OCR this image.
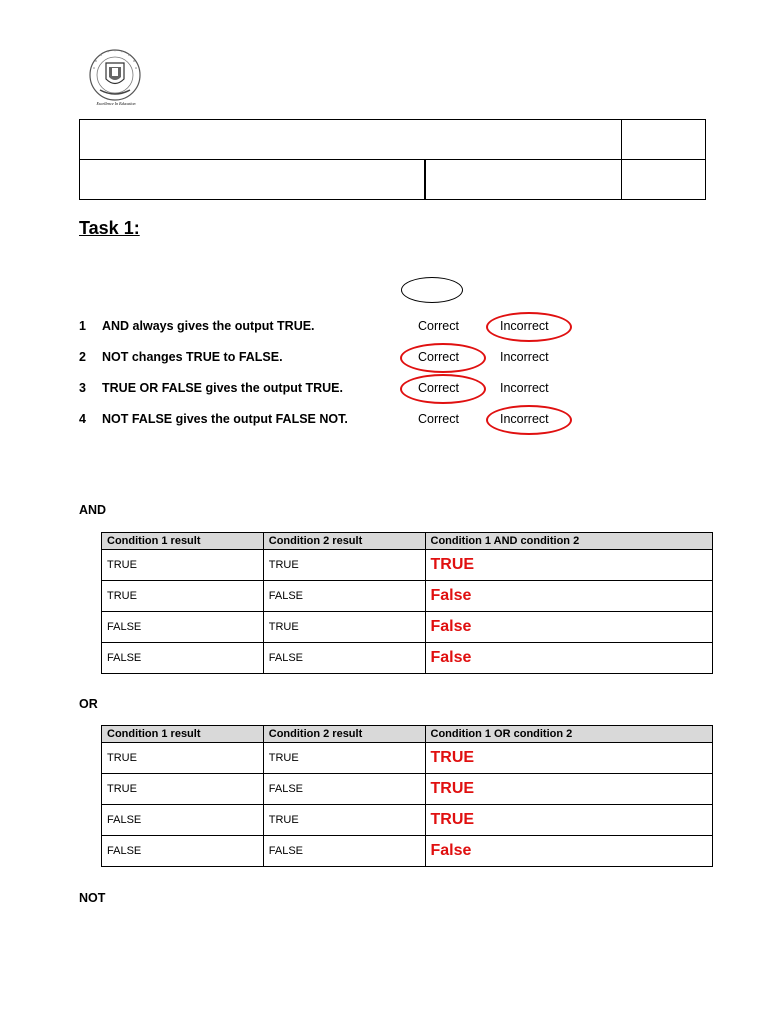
Excellence In Education
Task 1:
1 AND always gives the output TRUE.	Correct	Incorrect
2 NOT changes TRUE to FALSE.	Correct	Incorrect
3 TRUE OR FALSE gives the output TRUE.	Correct	Incorrect
4 NOT FALSE gives the output FALSE NOT.	Correct	Incorrect
AND
Condition 1 result	Condition 2 result	Condition 1 AND condition 2
TRUE	TRUE	TRUE
TRUE	FALSE	False
FALSE	TRUE	False
FALSE	FALSE	False
OR
Condition 1 result	Condition 2 result	Condition 1 OR condition 2
TRUE	TRUE	TRUE
TRUE	FALSE	TRUE
FALSE	TRUE	TRUE
FALSE	FALSE	False
NOT
